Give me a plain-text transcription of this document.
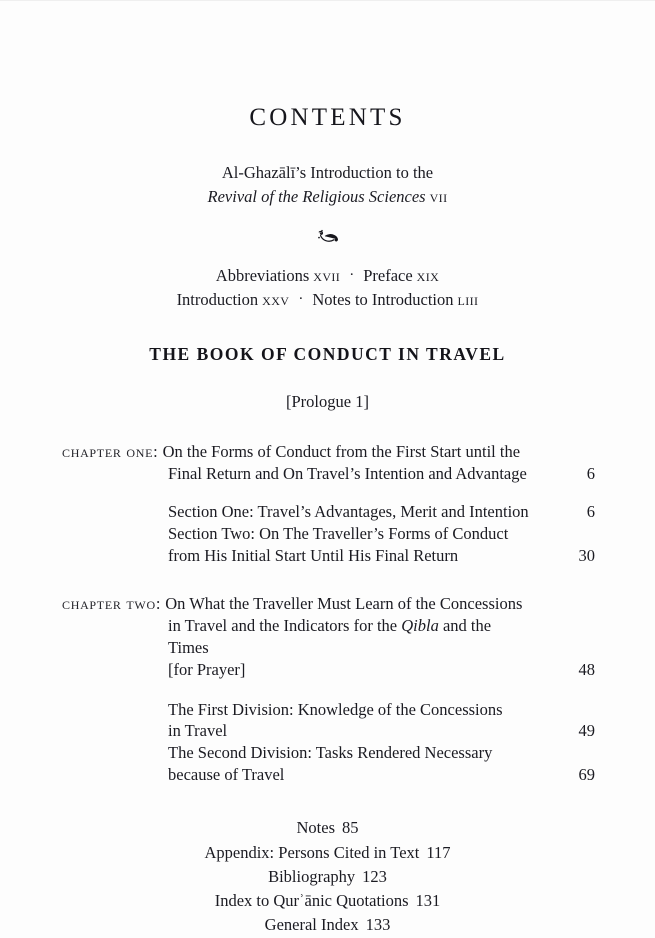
CONTENTS
Al-Ghazālī’s Introduction to the
Revival of the Religious Sciences vii
Abbreviations xvii · Preface xix
Introduction xxv · Notes to Introduction liii
THE BOOK OF CONDUCT IN TRAVEL
[Prologue 1]
chapter one: On the Forms of Conduct from the First Start until the
Final Return and On Travel’s Intention and Advantage	6
Section One: Travel’s Advantages, Merit and Intention	6
Section Two: On The Traveller’s Forms of Conduct
from His Initial Start Until His Final Return	30
chapter two: On What the Traveller Must Learn of the Concessions
in Travel and the Indicators for the Qibla and the Times
[for Prayer]	48
The First Division: Knowledge of the Concessions
in Travel	49
The Second Division: Tasks Rendered Necessary
because of Travel	69
Notes 85
Appendix: Persons Cited in Text 117
Bibliography 123
Index to Qurʾānic Quotations 131
General Index 133
